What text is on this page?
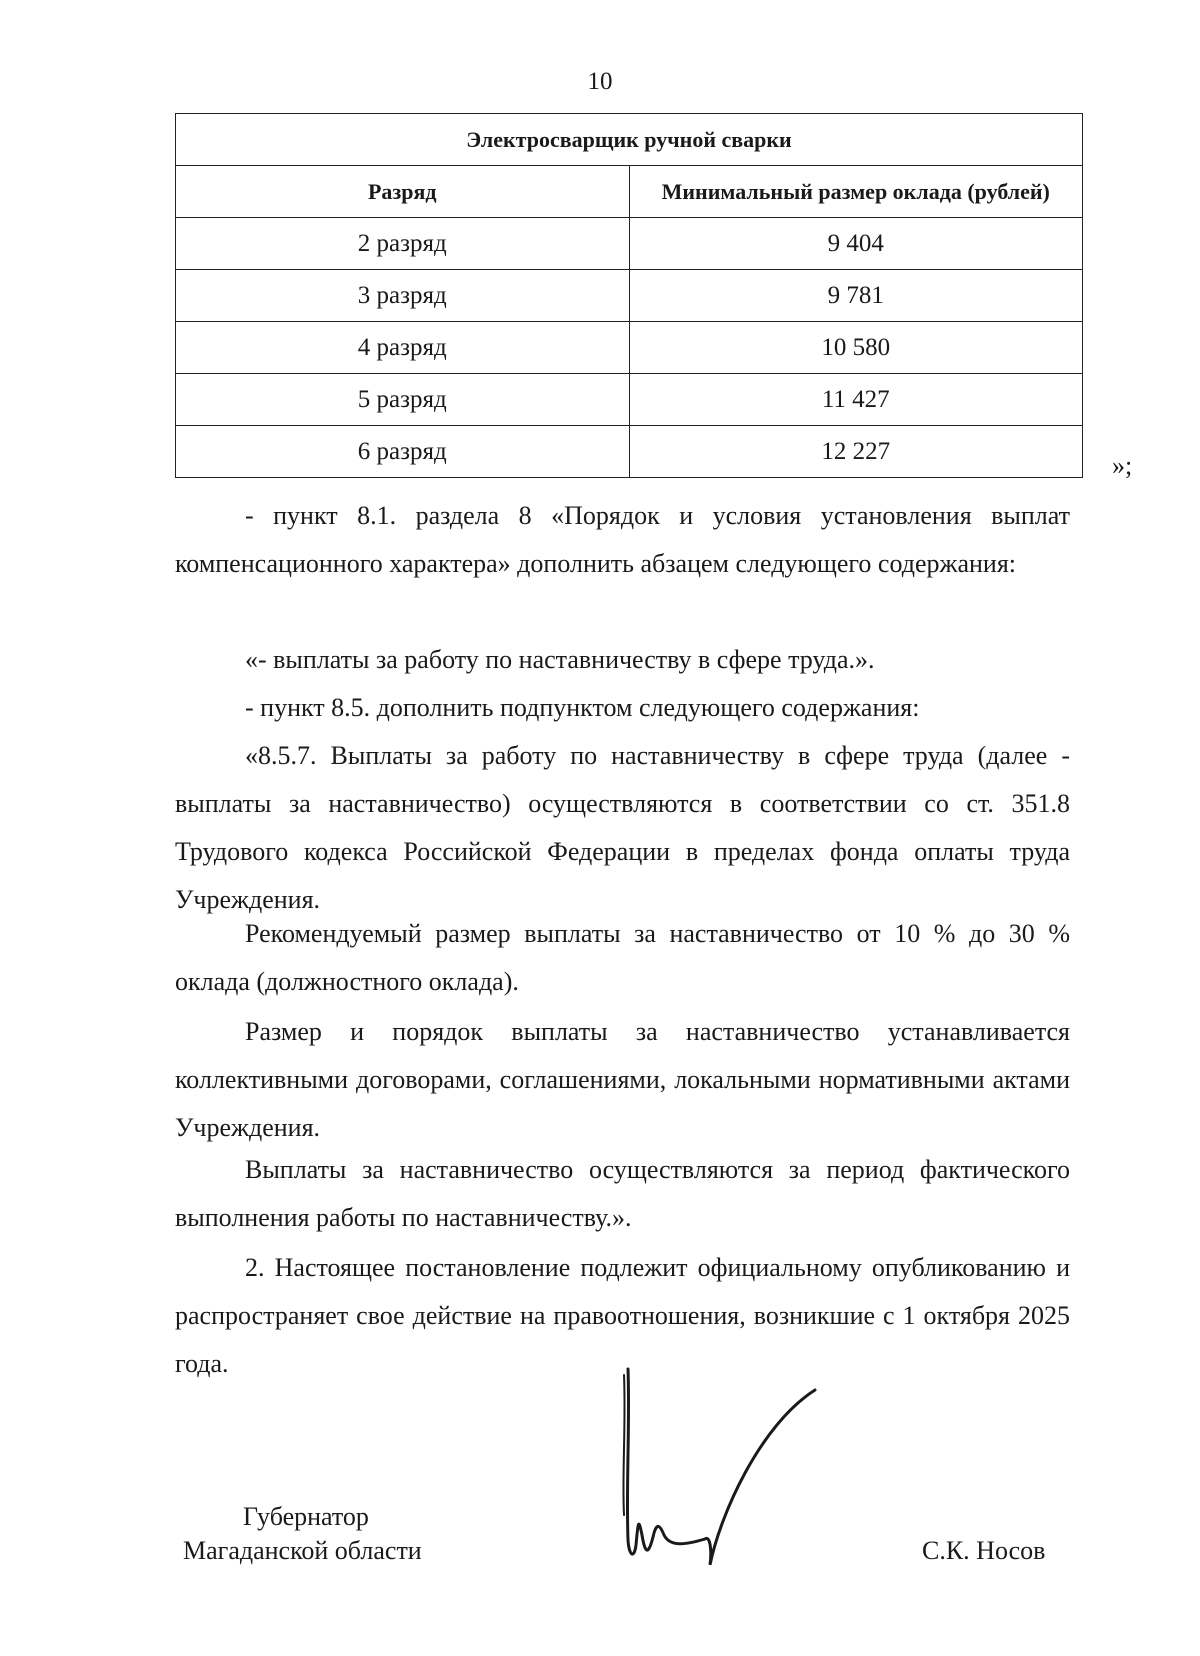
10
Электросварщик ручной сварки	
Разряд	Минимальный размер оклада (рублей)
2 разряд	9 404
3 разряд	9 781
4 разряд	10 580
5 разряд	11 427
6 разряд	12 227	»;

- пункт 8.1. раздела 8 «Порядок и условия установления выплат компенсационного характера» дополнить абзацем следующего содержания:

«- выплаты за работу по наставничеству в сфере труда.».

- пункт 8.5. дополнить подпунктом следующего содержания:

«8.5.7. Выплаты за работу по наставничеству в сфере труда (далее - выплаты за наставничество) осуществляются в соответствии со ст. 351.8 Трудового кодекса Российской Федерации в пределах фонда оплаты труда Учреждения.

Рекомендуемый размер выплаты за наставничество от 10 % до 30 % оклада (должностного оклада).

Размер и порядок выплаты за наставничество устанавливается коллективными договорами, соглашениями, локальными нормативными актами Учреждения.

Выплаты за наставничество осуществляются за период фактического выполнения работы по наставничеству.».

2. Настоящее постановление подлежит официальному опубликованию и распространяет свое действие на правоотношения, возникшие с 1 октября 2025 года.

Губернатор
Магаданской области	С.К. Носов
